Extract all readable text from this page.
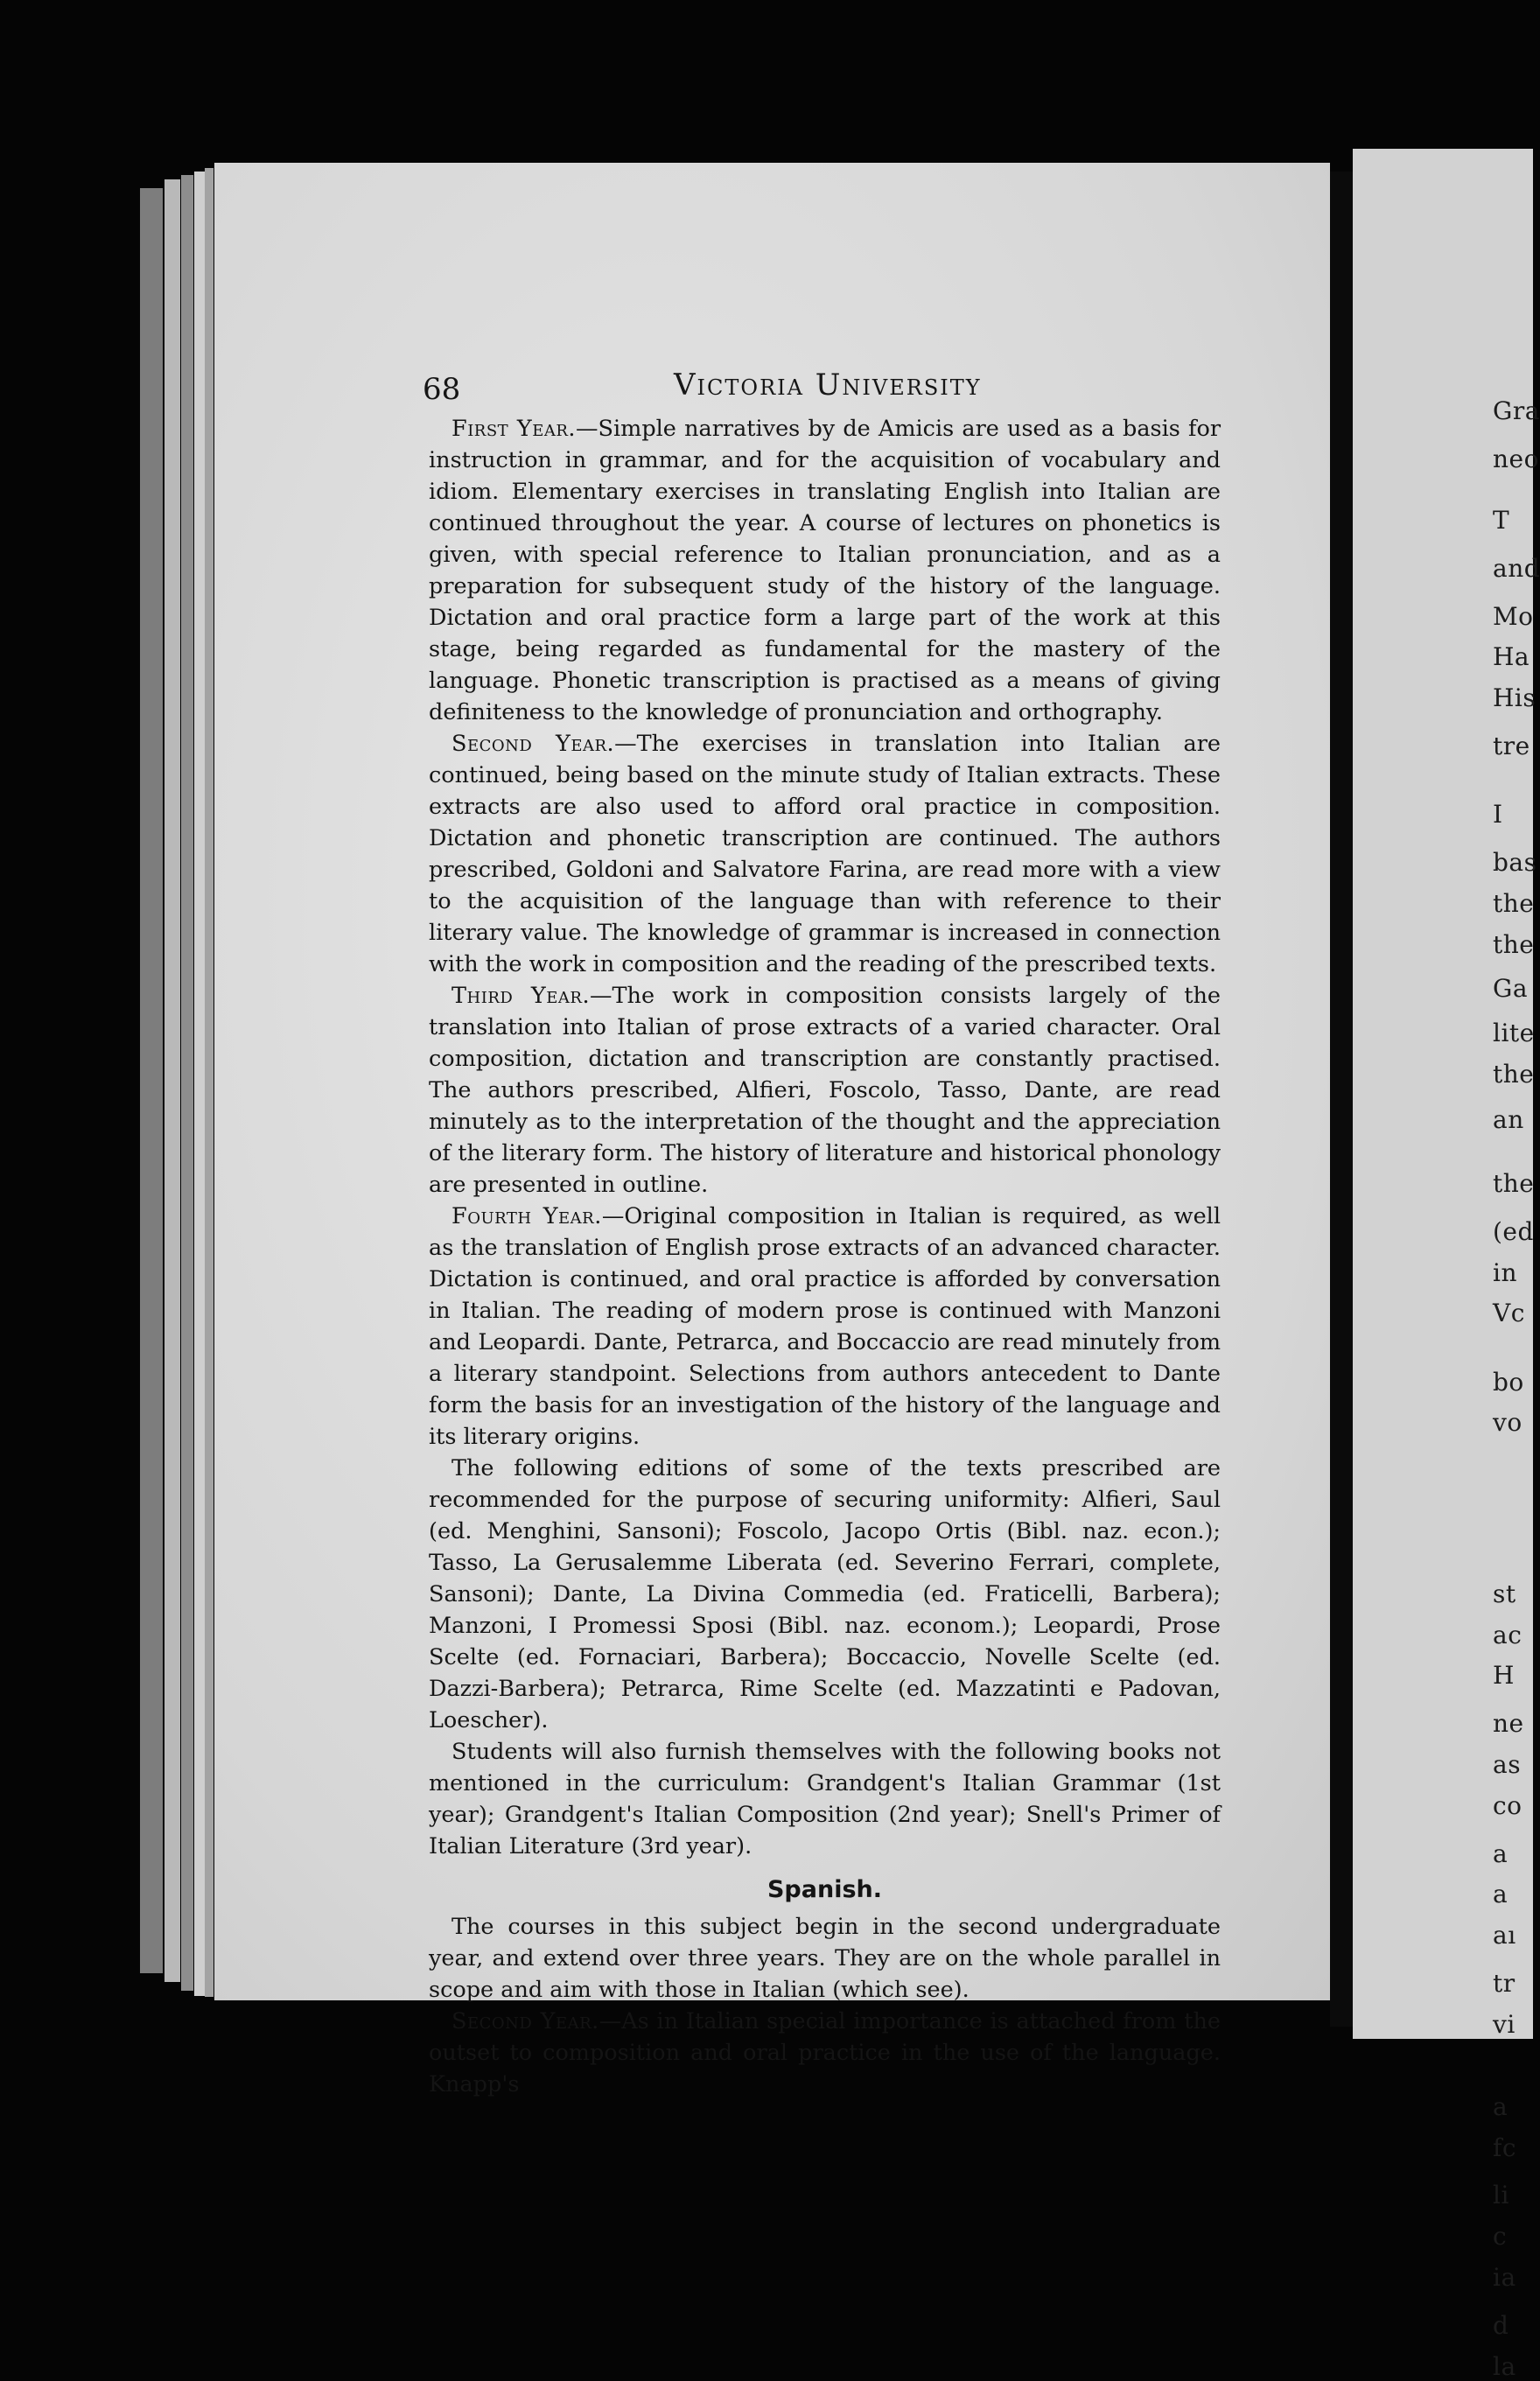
Gra
neo
T
and
Mo
Ha
His
tre
I
bas
the
the
Ga
lite
the
an
the
(ed
in
Vc
bo
vo
st
ac
H
ne
as
co
a
a
aı
tr
vi
a
fc
li
c
ia
d
la
68	Victoria University

First Year.—Simple narratives by de Amicis are used as a basis for instruction in grammar, and for the acquisition of vocabulary and idiom. Elementary exercises in translating English into Italian are continued throughout the year. A course of lectures on phonetics is given, with special reference to Italian pronunciation, and as a preparation for subsequent study of the history of the language. Dictation and oral practice form a large part of the work at this stage, being regarded as fundamental for the mastery of the language. Phonetic transcription is practised as a means of giving definiteness to the knowledge of pronunciation and orthography.

Second Year.—The exercises in translation into Italian are continued, being based on the minute study of Italian extracts. These extracts are also used to afford oral practice in composition. Dictation and phonetic transcription are continued. The authors prescribed, Goldoni and Salvatore Farina, are read more with a view to the acquisition of the language than with reference to their literary value. The knowledge of grammar is increased in connection with the work in composition and the reading of the prescribed texts.

Third Year.—The work in composition consists largely of the translation into Italian of prose extracts of a varied character. Oral composition, dictation and transcription are constantly practised. The authors prescribed, Alfieri, Foscolo, Tasso, Dante, are read minutely as to the interpretation of the thought and the appreciation of the literary form. The history of literature and historical phonology are presented in outline.

Fourth Year.—Original composition in Italian is required, as well as the translation of English prose extracts of an advanced character. Dictation is continued, and oral practice is afforded by conversation in Italian. The reading of modern prose is continued with Manzoni and Leopardi. Dante, Petrarca, and Boccaccio are read minutely from a literary standpoint. Selections from authors antecedent to Dante form the basis for an investigation of the history of the language and its literary origins.

The following editions of some of the texts prescribed are recommended for the purpose of securing uniformity: Alfieri, Saul (ed. Menghini, Sansoni); Foscolo, Jacopo Ortis (Bibl. naz. econ.); Tasso, La Gerusalemme Liberata (ed. Severino Ferrari, complete, Sansoni); Dante, La Divina Commedia (ed. Fraticelli, Barbera); Manzoni, I Promessi Sposi (Bibl. naz. econom.); Leopardi, Prose Scelte (ed. Fornaciari, Barbera); Boccaccio, Novelle Scelte (ed. Dazzi-Barbera); Petrarca, Rime Scelte (ed. Mazzatinti e Padovan, Loescher).

Students will also furnish themselves with the following books not mentioned in the curriculum: Grandgent's Italian Grammar (1st year); Grandgent's Italian Composition (2nd year); Snell's Primer of Italian Literature (3rd year).

Spanish.

The courses in this subject begin in the second undergraduate year, and extend over three years. They are on the whole parallel in scope and aim with those in Italian (which see).

Second Year.—As in Italian special importance is attached from the outset to composition and oral practice in the use of the language. Knapp's
